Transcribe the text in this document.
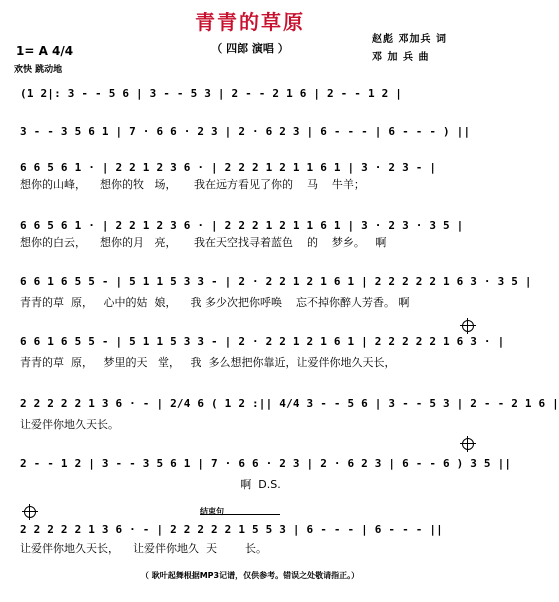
青青的草原
（ 四郎 演唱 ）
赵彪 邓加兵 词
邓 加 兵 曲
1= A 4/4
欢快 跳动地
(1 2|: 3 - - 5 6 | 3 - - 5 3 | 2 - - 2 1 6 | 2 - - 1 2 |
3 - - 3 5 6 1 | 7 · 6 6 · 2 3 | 2 · 6 2 3 | 6 - - - | 6 - - - ) ||
6 6 5 6 1 · | 2 2 1 2 3 6 · | 2 2 2 1 2 1 1 6 1 | 3 · 2 3 - |
想你的山峰，    想你的牧   场，     我在远方看见了你的    马    牛羊；
6 6 5 6 1 · | 2 2 1 2 3 6 · | 2 2 2 1 2 1 1 6 1 | 3 · 2 3 · 3 5 |
想你的白云，    想你的月   亮，     我在天空找寻着蓝色    的    梦乡。   啊
6 6 1 6 5 5 - | 5 1 1 5 3 3 - | 2 · 2 2 1 2 1 6 1 | 2 2 2 2 2 1 6 3 · 3 5 |
青青的草  原，   心中的姑  娘，    我 多少次把你呼唤    忘不掉你醉人芳香。 啊
6 6 1 6 5 5 - | 5 1 1 5 3 3 - | 2 · 2 2 1 2 1 6 1 | 2 2 2 2 2 1 6 3 · |
青青的草  原，   梦里的天   堂，   我  多么想把你靠近，让爱伴你地久天长，
2 2 2 2 2 1 3 6 · - | 2/4 6 ( 1 2 :|| 4/4 3 - - 5 6 | 3 - - 5 3 | 2 - - 2 1 6 |
让爱伴你地久天长。
2 - - 1 2 | 3 - - 3 5 6 1 | 7 · 6 6 · 2 3 | 2 · 6 2 3 | 6 - - 6 ) 3 5 ||
啊  D.S.
结束句
2 2 2 2 2 1 3 6 · - | 2 2 2 2 2 1 5 5 3 | 6 - - - | 6 - - - ||
让爱伴你地久天长，    让爱伴你地久  天        长。
（ 耿叶起舞根据MP3记谱，仅供参考。错误之处敬请指正。）
